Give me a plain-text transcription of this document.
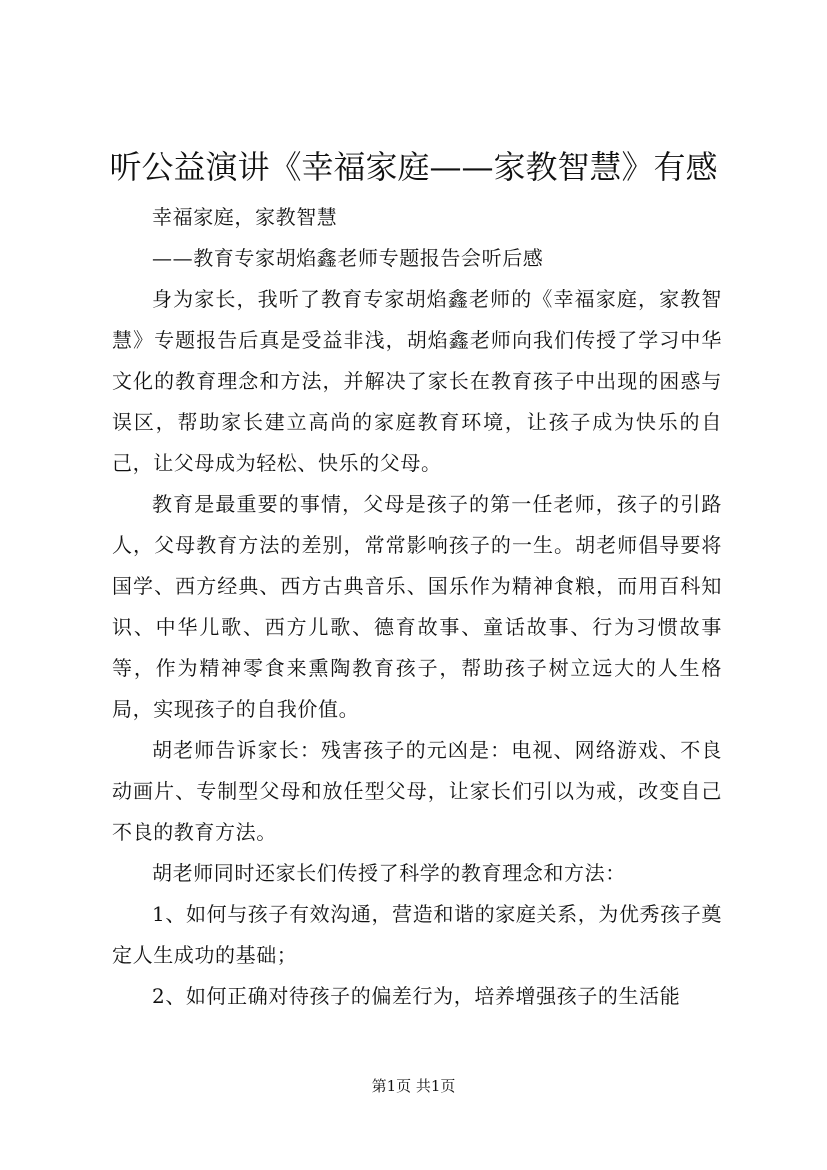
听公益演讲《幸福家庭——家教智慧》有感

幸福家庭，家教智慧

——教育专家胡焰鑫老师专题报告会听后感

身为家长，我听了教育专家胡焰鑫老师的《幸福家庭，家教智慧》专题报告后真是受益非浅，胡焰鑫老师向我们传授了学习中华文化的教育理念和方法，并解决了家长在教育孩子中出现的困惑与误区，帮助家长建立高尚的家庭教育环境，让孩子成为快乐的自己，让父母成为轻松、快乐的父母。

教育是最重要的事情，父母是孩子的第一任老师，孩子的引路人，父母教育方法的差别，常常影响孩子的一生。胡老师倡导要将国学、西方经典、西方古典音乐、国乐作为精神食粮，而用百科知识、中华儿歌、西方儿歌、德育故事、童话故事、行为习惯故事等，作为精神零食来熏陶教育孩子，帮助孩子树立远大的人生格局，实现孩子的自我价值。

胡老师告诉家长：残害孩子的元凶是：电视、网络游戏、不良动画片、专制型父母和放任型父母，让家长们引以为戒，改变自己不良的教育方法。

胡老师同时还家长们传授了科学的教育理念和方法：

1、如何与孩子有效沟通，营造和谐的家庭关系，为优秀孩子奠定人生成功的基础；

2、如何正确对待孩子的偏差行为，培养增强孩子的生活能

第1页 共1页
